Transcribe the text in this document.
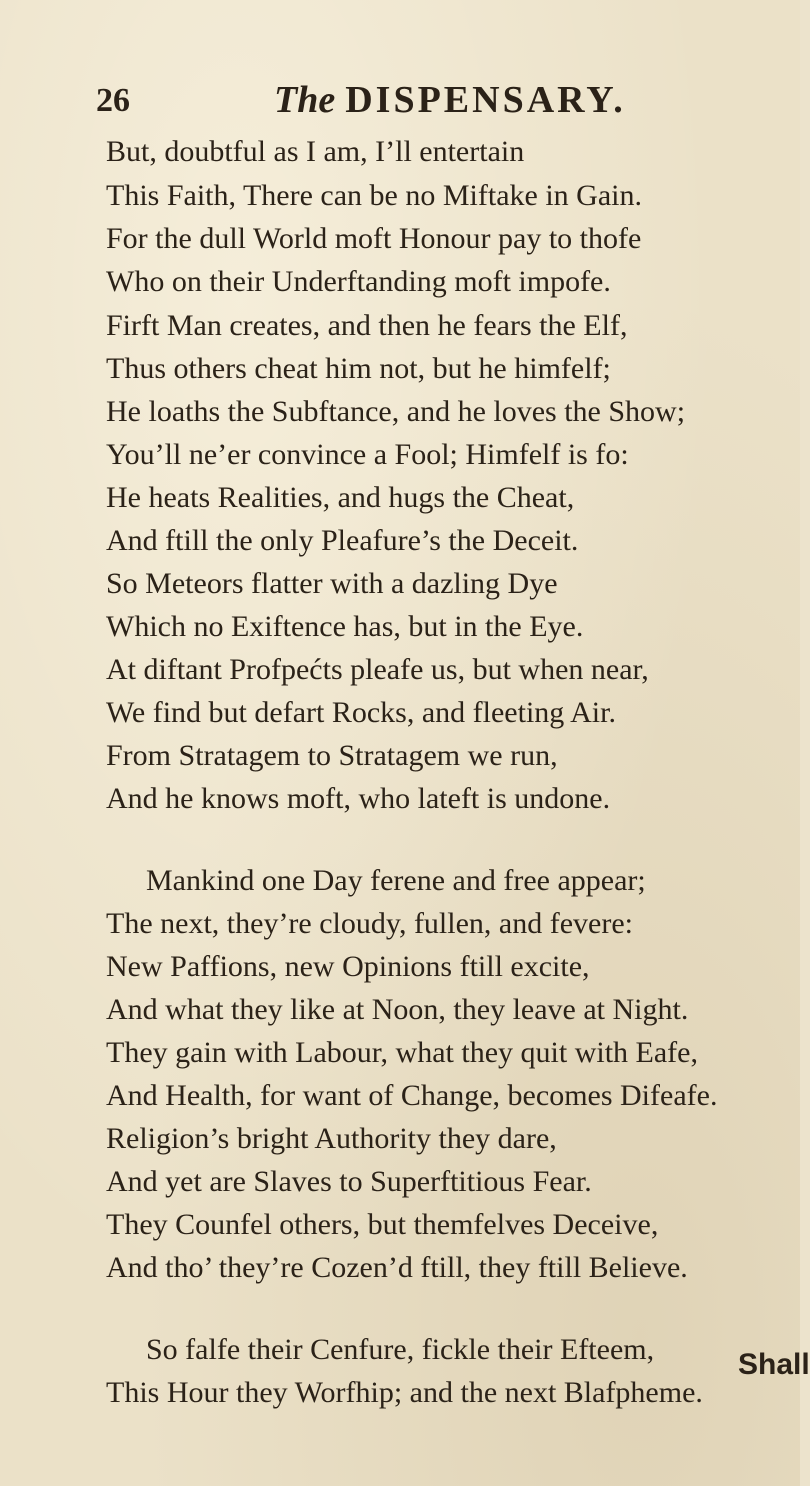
26	The DISPENSARY.
But, doubtful as I am, I’ll entertain
This Faith, There can be no Miftake in Gain.
For the dull World moft Honour pay to thofe
Who on their Underftanding moft impofe.
Firft Man creates, and then he fears the Elf,
Thus others cheat him not, but he himfelf;
He loaths the Subftance, and he loves the Show;
You’ll ne’er convince a Fool; Himfelf is fo:
He heats Realities, and hugs the Cheat,
And ftill the only Pleafure’s the Deceit.
So Meteors flatter with a dazling Dye
Which no Exiftence has, but in the Eye.
At diftant Profpećts pleafe us, but when near,
We find but defart Rocks, and fleeting Air.
From Stratagem to Stratagem we run,
And he knows moft, who lateft is undone.
Mankind one Day ferene and free appear;
The next, they’re cloudy, fullen, and fevere:
New Paffions, new Opinions ftill excite,
And what they like at Noon, they leave at Night.
They gain with Labour, what they quit with Eafe,
And Health, for want of Change, becomes Difeafe.
Religion’s bright Authority they dare,
And yet are Slaves to Superftitious Fear.
They Counfel others, but themfelves Deceive,
And tho’ they’re Cozen’d ftill, they ftill Believe.
So falfe their Cenfure, fickle their Efteem,
This Hour they Worfhip; and the next Blafpheme.
Shall
